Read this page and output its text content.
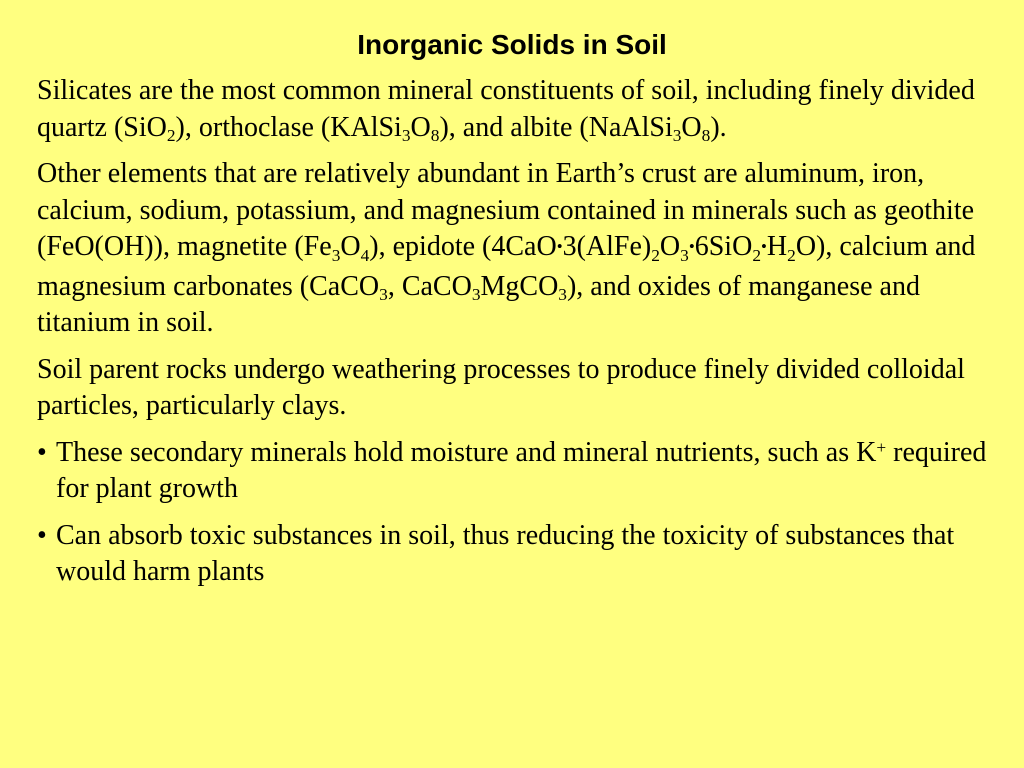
Inorganic Solids in Soil

Silicates are the most common mineral constituents of soil, including finely divided quartz (SiO$_2$), orthoclase $(KAlSi_3O_8)$, and albite $(NaAlSi_3O_8)$.

Other elements that are relatively abundant in Earth’s crust are aluminum, iron, calcium, sodium, potassium, and magnesium contained in minerals such as geothite (FeO(OH)), magnetite $(Fe_3O_4)$, epidote $(4CaO•3(AlFe)_2O_3•6SiO_2•H_2O)$, calcium and magnesium carbonates (CaCO$_3$, CaCO$_3$MgCO$_3$), and oxides of manganese and titanium in soil.

Soil parent rocks undergo weathering processes to produce finely divided colloidal particles, particularly clays.

• These secondary minerals hold moisture and mineral nutrients, such as K+ required for plant growth
• Can absorb toxic substances in soil, thus reducing the toxicity of substances that would harm plants
